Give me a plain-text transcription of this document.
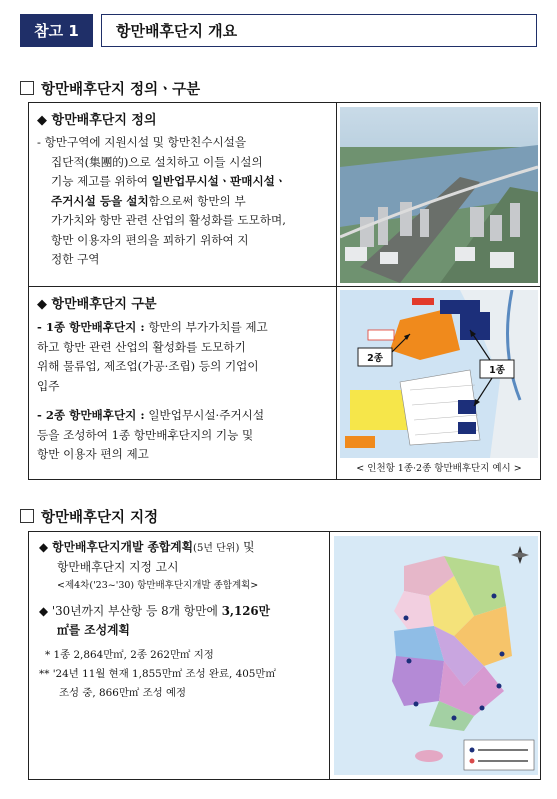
참고 1	항만배후단지 개요
항만배후단지 정의ㆍ구분
◆ 항만배후단지 정의
- 항만구역에 지원시설 및 항만친수시설을
집단적(集團的)으로 설치하고 이들 시설의
기능 제고를 위하여 일반업무시설ㆍ판매시설ㆍ
주거시설 등을 설치함으로써 항만의 부
가가치와 항만 관련 산업의 활성화를 도모하며,
항만 이용자의 편의을 꾀하기 위하여 지
정한 구역
◆ 항만배후단지 구분
- 1종 항만배후단지 : 항만의 부가가치를 제고
하고 항만 관련 산업의 활성화를 도모하기
위해 물류업, 제조업(가공·조립) 등의 기업이
입주
- 2종 항만배후단지 : 일반업무시설·주거시설
등을 조성하여 1종 항만배후단지의 기능 및
항만 이용자 편의 제고
2종
1종
< 인천항 1종·2종 항만배후단지 예시 >
항만배후단지 지정
◆ 항만배후단지개발 종합계획(5년 단위) 및
항만배후단지 지정 고시
<제4차('23~'30) 항만배후단지개발 종합계획>
◆ '30년까지 부산항 등 8개 항만에 3,126만
㎡를 조성계획
* 1종 2,864만㎡, 2종 262만㎡ 지정
** '24년 11월 현재 1,855만㎡ 조성 완료, 405만㎡
조성 중, 866만㎡ 조성 예정
